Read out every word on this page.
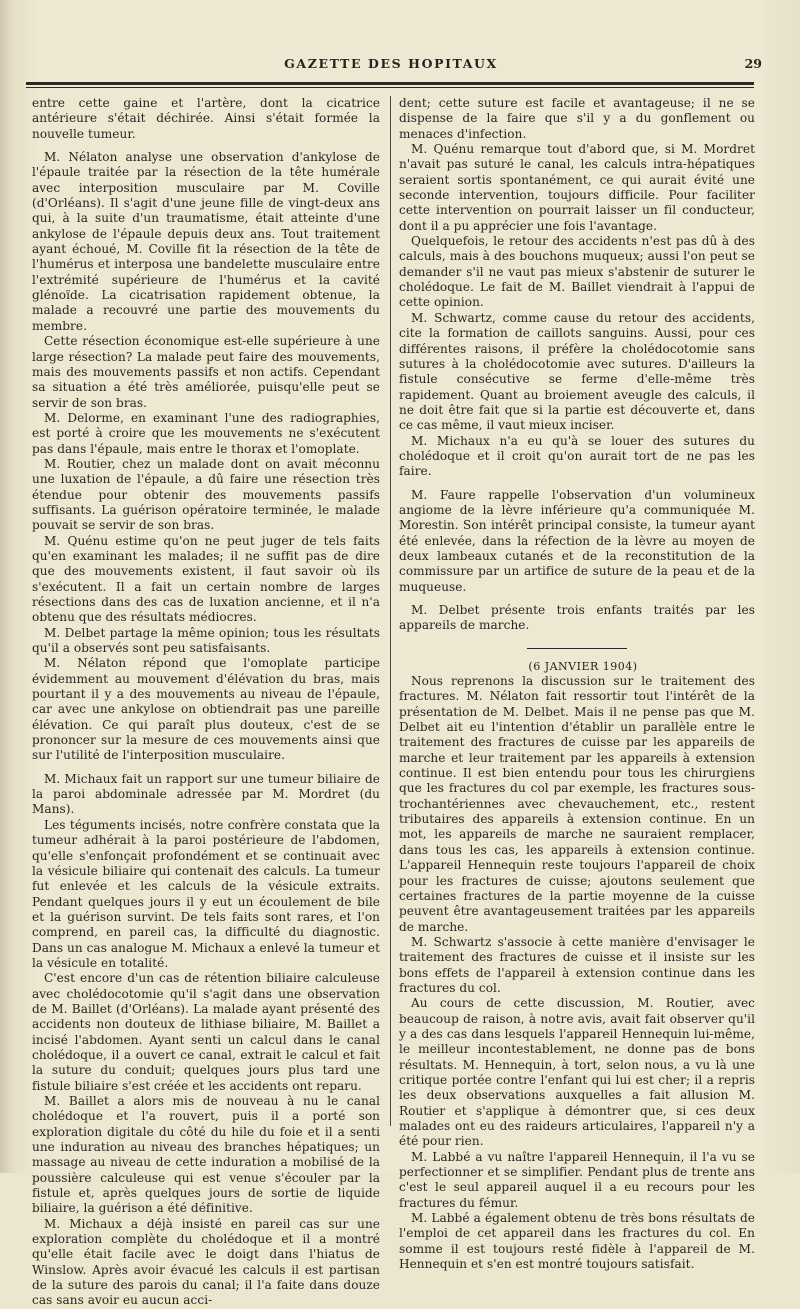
GAZETTE DES HOPITAUX	29

entre cette gaine et l'artère, dont la cicatrice antérieure s'était déchirée. Ainsi s'était formée la nouvelle tumeur.

M. Nélaton analyse une observation d'ankylose de l'épaule traitée par la résection de la tête humérale avec interposition musculaire par M. Coville (d'Orléans). Il s'agit d'une jeune fille de vingt-deux ans qui, à la suite d'un traumatisme, était atteinte d'une ankylose de l'épaule depuis deux ans. Tout traitement ayant échoué, M. Coville fit la résection de la tête de l'humérus et interposa une bandelette musculaire entre l'extrémité supérieure de l'humérus et la cavité glénoïde. La cicatrisation rapidement obtenue, la malade a recouvré une partie des mouvements du membre.

Cette résection économique est-elle supérieure à une large résection? La malade peut faire des mouvements, mais des mouvements passifs et non actifs. Cependant sa situation a été très améliorée, puisqu'elle peut se servir de son bras.

M. Delorme, en examinant l'une des radiographies, est porté à croire que les mouvements ne s'exécutent pas dans l'épaule, mais entre le thorax et l'omoplate.

M. Routier, chez un malade dont on avait méconnu une luxation de l'épaule, a dû faire une résection très étendue pour obtenir des mouvements passifs suffisants. La guérison opératoire terminée, le malade pouvait se servir de son bras.

M. Quénu estime qu'on ne peut juger de tels faits qu'en examinant les malades; il ne suffit pas de dire que des mouvements existent, il faut savoir où ils s'exécutent. Il a fait un certain nombre de larges résections dans des cas de luxation ancienne, et il n'a obtenu que des résultats médiocres.

M. Delbet partage la même opinion; tous les résultats qu'il a observés sont peu satisfaisants.

M. Nélaton répond que l'omoplate participe évidemment au mouvement d'élévation du bras, mais pourtant il y a des mouvements au niveau de l'épaule, car avec une ankylose on obtiendrait pas une pareille élévation. Ce qui paraît plus douteux, c'est de se prononcer sur la mesure de ces mouvements ainsi que sur l'utilité de l'interposition musculaire.

M. Michaux fait un rapport sur une tumeur biliaire de la paroi abdominale adressée par M. Mordret (du Mans).

Les téguments incisés, notre confrère constata que la tumeur adhérait à la paroi postérieure de l'abdomen, qu'elle s'enfonçait profondément et se continuait avec la vésicule biliaire qui contenait des calculs. La tumeur fut enlevée et les calculs de la vésicule extraits. Pendant quelques jours il y eut un écoulement de bile et la guérison survint. De tels faits sont rares, et l'on comprend, en pareil cas, la difficulté du diagnostic. Dans un cas analogue M. Michaux a enlevé la tumeur et la vésicule en totalité.

C'est encore d'un cas de rétention biliaire calculeuse avec cholédocotomie qu'il s'agit dans une observation de M. Baillet (d'Orléans). La malade ayant présenté des accidents non douteux de lithiase biliaire, M. Baillet a incisé l'abdomen. Ayant senti un calcul dans le canal cholédoque, il a ouvert ce canal, extrait le calcul et fait la suture du conduit; quelques jours plus tard une fistule biliaire s'est créée et les accidents ont reparu.

M. Baillet a alors mis de nouveau à nu le canal cholédoque et l'a rouvert, puis il a porté son exploration digitale du côté du hile du foie et il a senti une induration au niveau des branches hépatiques; un massage au niveau de cette induration a mobilisé de la poussière calculeuse qui est venue s'écouler par la fistule et, après quelques jours de sortie de liquide biliaire, la guérison a été définitive.

M. Michaux a déjà insisté en pareil cas sur une exploration complète du cholédoque et il a montré qu'elle était facile avec le doigt dans l'hiatus de Winslow. Après avoir évacué les calculs il est partisan de la suture des parois du canal; il l'a faite dans douze cas sans avoir eu aucun acci-

dent; cette suture est facile et avantageuse; il ne se dispense de la faire que s'il y a du gonflement ou menaces d'infection.

M. Quénu remarque tout d'abord que, si M. Mordret n'avait pas suturé le canal, les calculs intra-hépatiques seraient sortis spontanément, ce qui aurait évité une seconde intervention, toujours difficile. Pour faciliter cette intervention on pourrait laisser un fil conducteur, dont il a pu apprécier une fois l'avantage.

Quelquefois, le retour des accidents n'est pas dû à des calculs, mais à des bouchons muqueux; aussi l'on peut se demander s'il ne vaut pas mieux s'abstenir de suturer le cholédoque. Le fait de M. Baillet viendrait à l'appui de cette opinion.

M. Schwartz, comme cause du retour des accidents, cite la formation de caillots sanguins. Aussi, pour ces différentes raisons, il préfère la cholédocotomie sans sutures à la cholédocotomie avec sutures. D'ailleurs la fistule consécutive se ferme d'elle-même très rapidement. Quant au broiement aveugle des calculs, il ne doit être fait que si la partie est découverte et, dans ce cas même, il vaut mieux inciser.

M. Michaux n'a eu qu'à se louer des sutures du cholédoque et il croit qu'on aurait tort de ne pas les faire.

M. Faure rappelle l'observation d'un volumineux angiome de la lèvre inférieure qu'a communiquée M. Morestin. Son intérêt principal consiste, la tumeur ayant été enlevée, dans la réfection de la lèvre au moyen de deux lambeaux cutanés et de la reconstitution de la commissure par un artifice de suture de la peau et de la muqueuse.

M. Delbet présente trois enfants traités par les appareils de marche.

(6 JANVIER 1904)

Nous reprenons la discussion sur le traitement des fractures. M. Nélaton fait ressortir tout l'intérêt de la présentation de M. Delbet. Mais il ne pense pas que M. Delbet ait eu l'intention d'établir un parallèle entre le traitement des fractures de cuisse par les appareils de marche et leur traitement par les appareils à extension continue. Il est bien entendu pour tous les chirurgiens que les fractures du col par exemple, les fractures sous-trochantériennes avec chevauchement, etc., restent tributaires des appareils à extension continue. En un mot, les appareils de marche ne sauraient remplacer, dans tous les cas, les appareils à extension continue. L'appareil Hennequin reste toujours l'appareil de choix pour les fractures de cuisse; ajoutons seulement que certaines fractures de la partie moyenne de la cuisse peuvent être avantageusement traitées par les appareils de marche.

M. Schwartz s'associe à cette manière d'envisager le traitement des fractures de cuisse et il insiste sur les bons effets de l'appareil à extension continue dans les fractures du col.

Au cours de cette discussion, M. Routier, avec beaucoup de raison, à notre avis, avait fait observer qu'il y a des cas dans lesquels l'appareil Hennequin lui-même, le meilleur incontestablement, ne donne pas de bons résultats. M. Hennequin, à tort, selon nous, a vu là une critique portée contre l'enfant qui lui est cher; il a repris les deux observations auxquelles a fait allusion M. Routier et s'applique à démontrer que, si ces deux malades ont eu des raideurs articulaires, l'appareil n'y a été pour rien.

M. Labbé a vu naître l'appareil Hennequin, il l'a vu se perfectionner et se simplifier. Pendant plus de trente ans c'est le seul appareil auquel il a eu recours pour les fractures du fémur.

M. Labbé a également obtenu de très bons résultats de l'emploi de cet appareil dans les fractures du col. En somme il est toujours resté fidèle à l'appareil de M. Hennequin et s'en est montré toujours satisfait.
